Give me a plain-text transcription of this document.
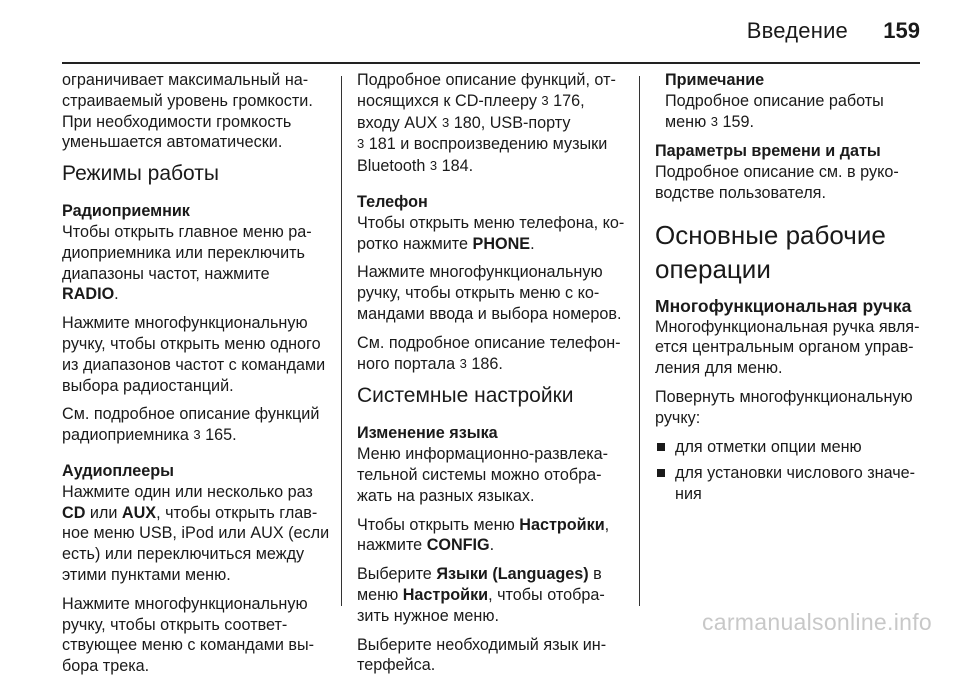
Введение 159

ограничивает максимальный на-
страиваемый уровень громкости.
При необходимости громкость
уменьшается автоматически.

Режимы работы
Радиоприемник

Чтобы открыть главное меню ра-
диоприемника или переключить
диапазоны частот, нажмите
RADIO.

Нажмите многофункциональную
ручку, чтобы открыть меню одного
из диапазонов частот с командами
выбора радиостанций.

См. подробное описание функций
радиоприемника 3 165.

Аудиоплееры

Нажмите один или несколько раз
CD или AUX, чтобы открыть глав-
ное меню USB, iPod или AUX (если
есть) или переключиться между
этими пунктами меню.

Нажмите многофункциональную
ручку, чтобы открыть соответ-
ствующее меню с командами вы-
бора трека.

Подробное описание функций, от-
носящихся к CD-плееру 3 176,
входу AUX 3 180, USB-порту
3 181 и воспроизведению музыки
Bluetooth 3 184.

Телефон

Чтобы открыть меню телефона, ко-
ротко нажмите PHONE.

Нажмите многофункциональную
ручку, чтобы открыть меню с ко-
мандами ввода и выбора номеров.

См. подробное описание телефон-
ного портала 3 186.

Системные настройки
Изменение языка

Меню информационно-развлека-
тельной системы можно отобра-
жать на разных языках.

Чтобы открыть меню Настройки,
нажмите CONFIG.

Выберите Языки (Languages) в
меню Настройки, чтобы отобра-
зить нужное меню.

Выберите необходимый язык ин-
терфейса.

Примечание

Подробное описание работы
меню 3 159.

Параметры времени и даты

Подробное описание см. в руко-
водстве пользователя.

Основные рабочие
операции
Многофункциональная ручка

Многофункциональная ручка явля-
ется центральным органом управ-
ления для меню.

Повернуть многофункциональную
ручку:

для отметки опции меню
для установки числового значе-
ния
carmanualsonline.info
